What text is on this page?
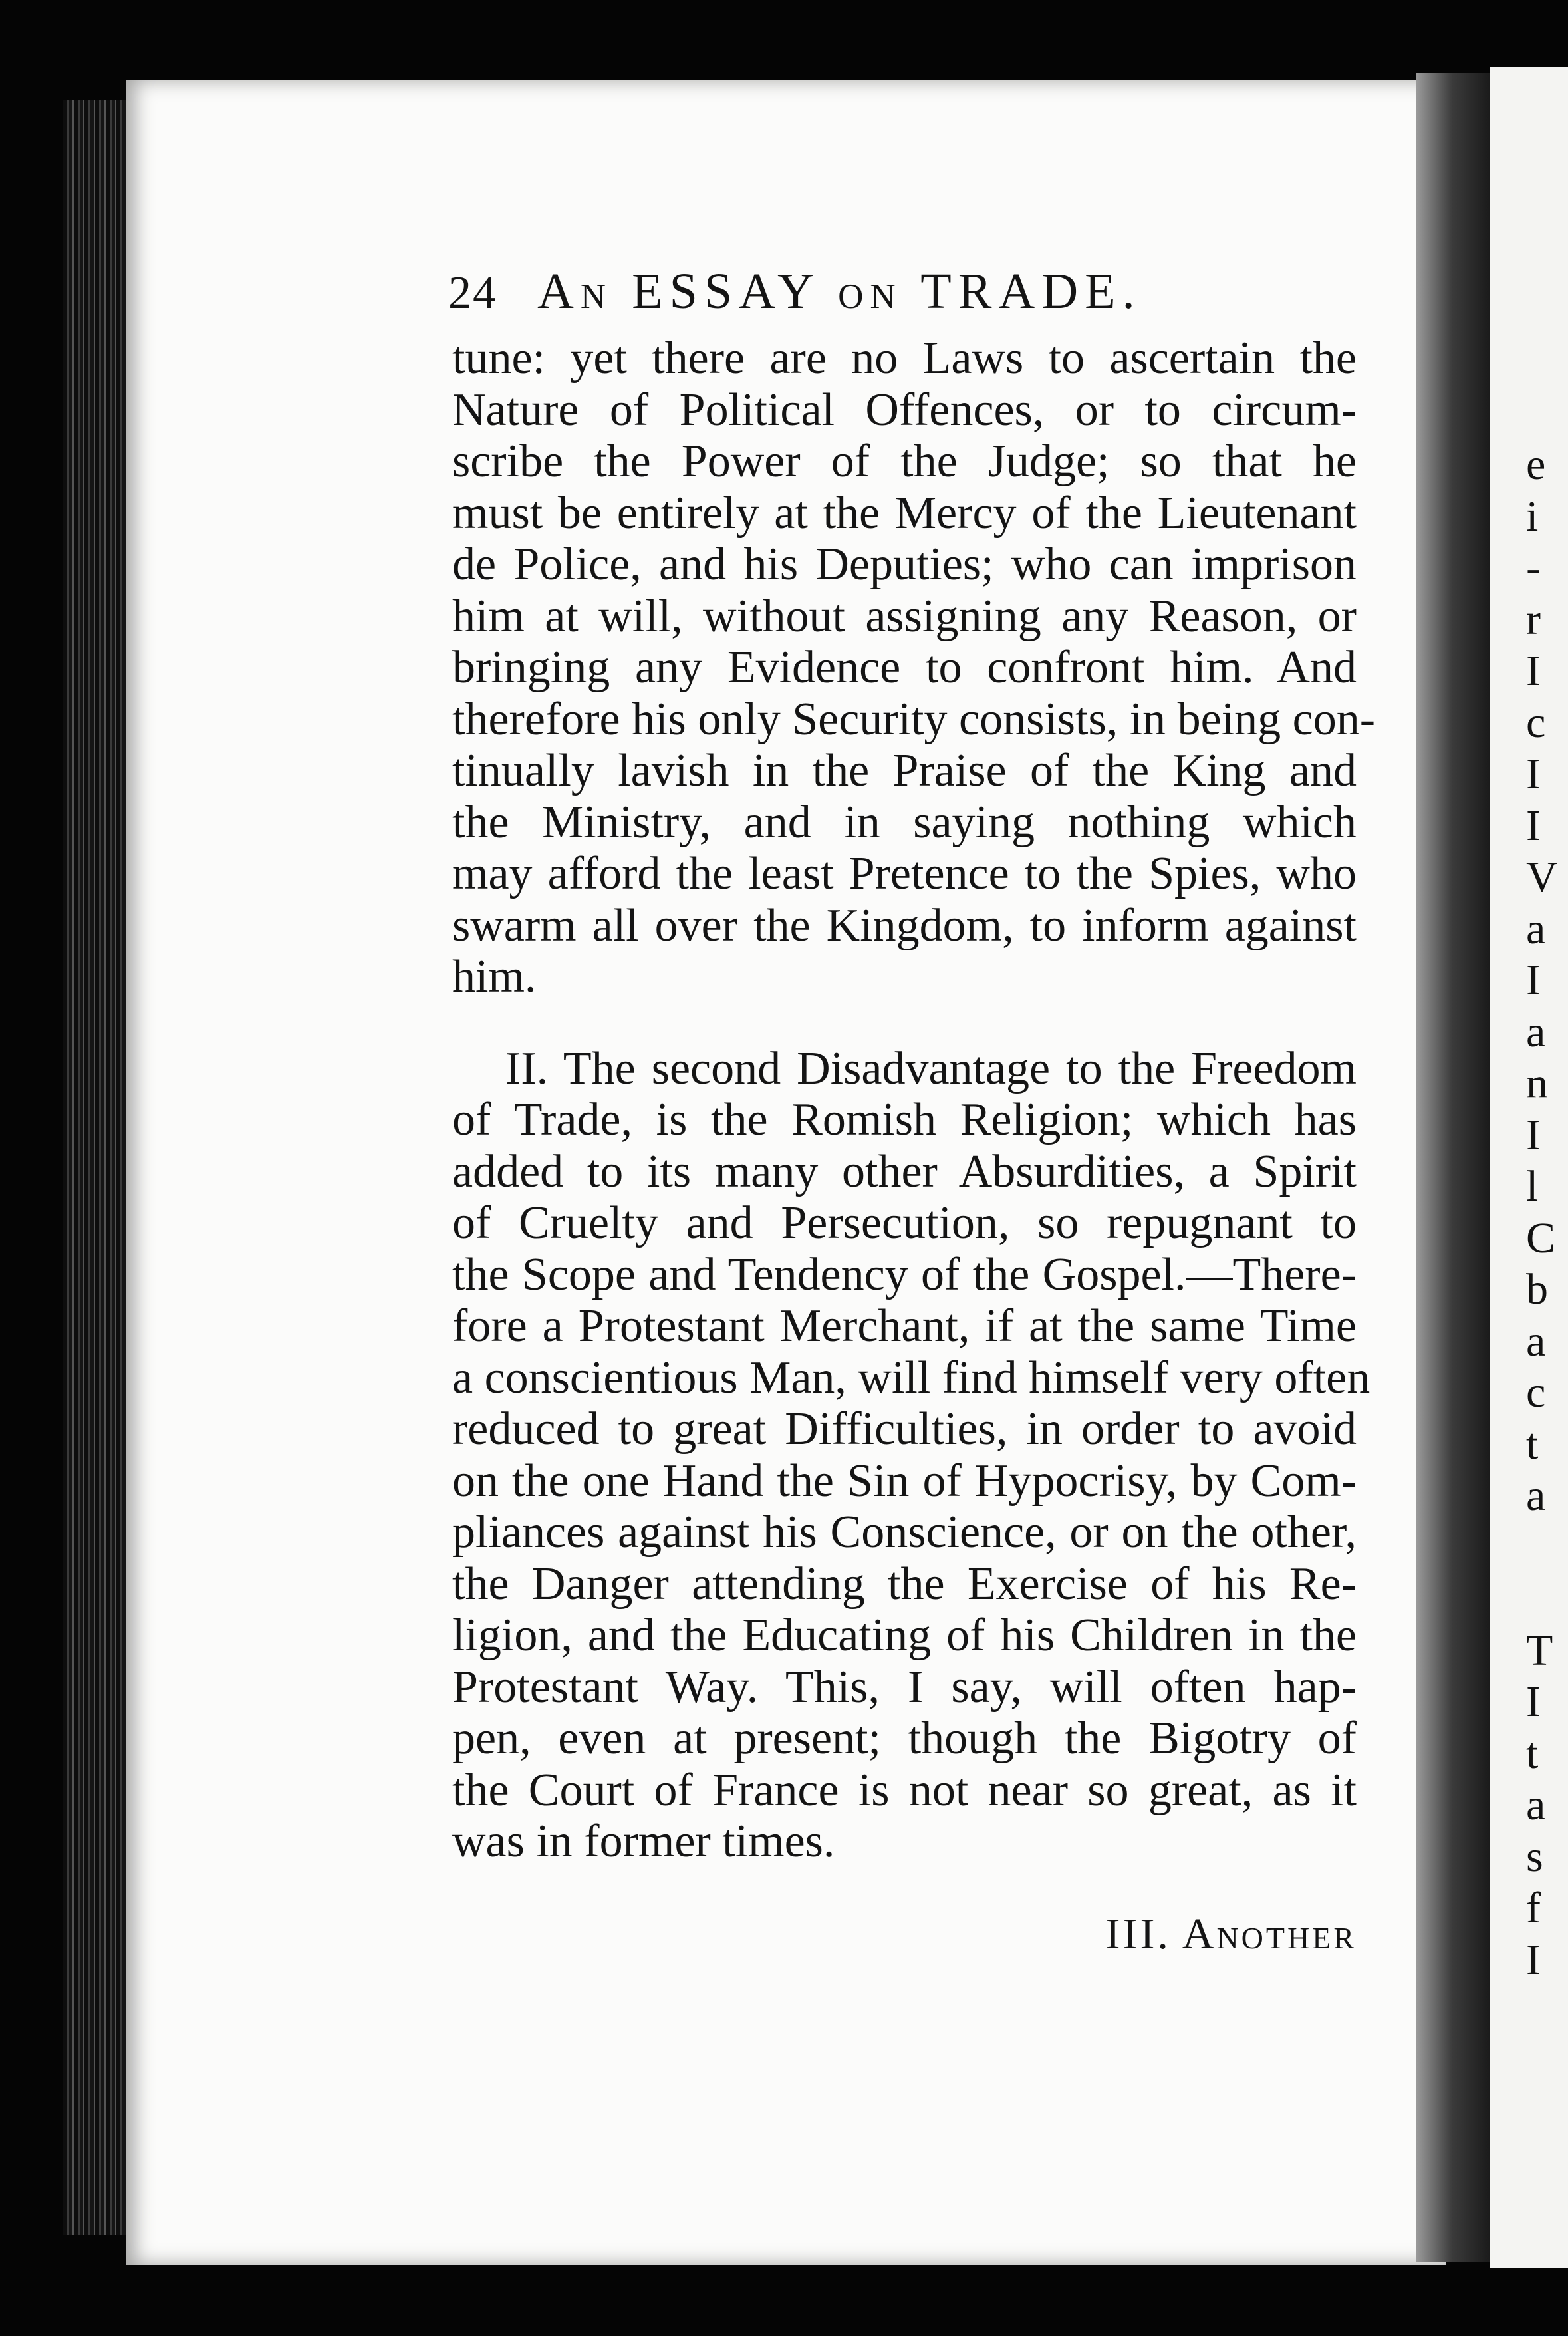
e
i
-
r
I
c
I
I
V
a
I
a
n
I
l
C
b
a
c
t
a

T
I
t
a
s
f
I
24 An ESSAY on TRADE.
tune: yet there are no Laws to ascertain the
Nature of Political Offences, or to circum-
scribe the Power of the Judge; so that he
must be entirely at the Mercy of the Lieutenant
de Police, and his Deputies; who can imprison
him at will, without assigning any Reason, or
bringing any Evidence to confront him. And
therefore his only Security consists, in being con-
tinually lavish in the Praise of the King and
the Ministry, and in saying nothing which
may afford the least Pretence to the Spies, who
swarm all over the Kingdom, to inform against
him.
II. The second Disadvantage to the Freedom
of Trade, is the Romish Religion; which has
added to its many other Absurdities, a Spirit
of Cruelty and Persecution, so repugnant to
the Scope and Tendency of the Gospel.—There-
fore a Protestant Merchant, if at the same Time
a conscientious Man, will find himself very often
reduced to great Difficulties, in order to avoid
on the one Hand the Sin of Hypocrisy, by Com-
pliances against his Conscience, or on the other,
the Danger attending the Exercise of his Re-
ligion, and the Educating of his Children in the
Protestant Way. This, I say, will often hap-
pen, even at present; though the Bigotry of
the Court of France is not near so great, as it
was in former times.
III. Another
